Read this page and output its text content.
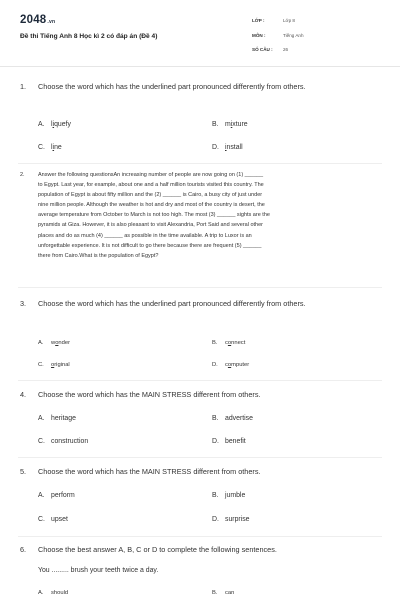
2048.vn
Đề thi Tiếng Anh 8 Học kì 2 có đáp án (Đề 4)
LỚP :	Lớp 8
MÔN :	Tiếng Anh
SỐ CÂU : 26
1.	Choose the word which has the underlined part pronounced differently from others.
A. liquefy	B. mixture
C. line	D. install
2.	Answer the following questionsAn increasing number of people are now going on (1) ______
to Egypt. Last year, for example, about one and a half million tourists visited this country. The
population of Egypt is about fifty million and the (2) ______ is Cairo, a busy city of just under
nine million people. Although the weather is hot and dry and most of the country is desert, the
average temperature from October to March is not too high. The most (3) ______ sights are the
pyramids at Giza. However, it is also pleasant to visit Alexandria, Port Said and several other
places and do as much (4) ______ as possible in the time available. A trip to Luxor is an
unforgettable experience. It is not difficult to go there because there are frequent (5) ______
there from Cairo.What is the population of Egypt?
3.	Choose the word which has the underlined part pronounced differently from others.
A. wonder	B. connect
C. original	D. computer
4.	Choose the word which has the MAIN STRESS different from others.
A. heritage	B. advertise
C. construction	D. benefit
5.	Choose the word which has the MAIN STRESS different from others.
A. perform	B. jumble
C. upset	D. surprise
6.	Choose the best answer A, B, C or D to complete the following sentences.
You ......... brush your teeth twice a day.
A. should	B. can
